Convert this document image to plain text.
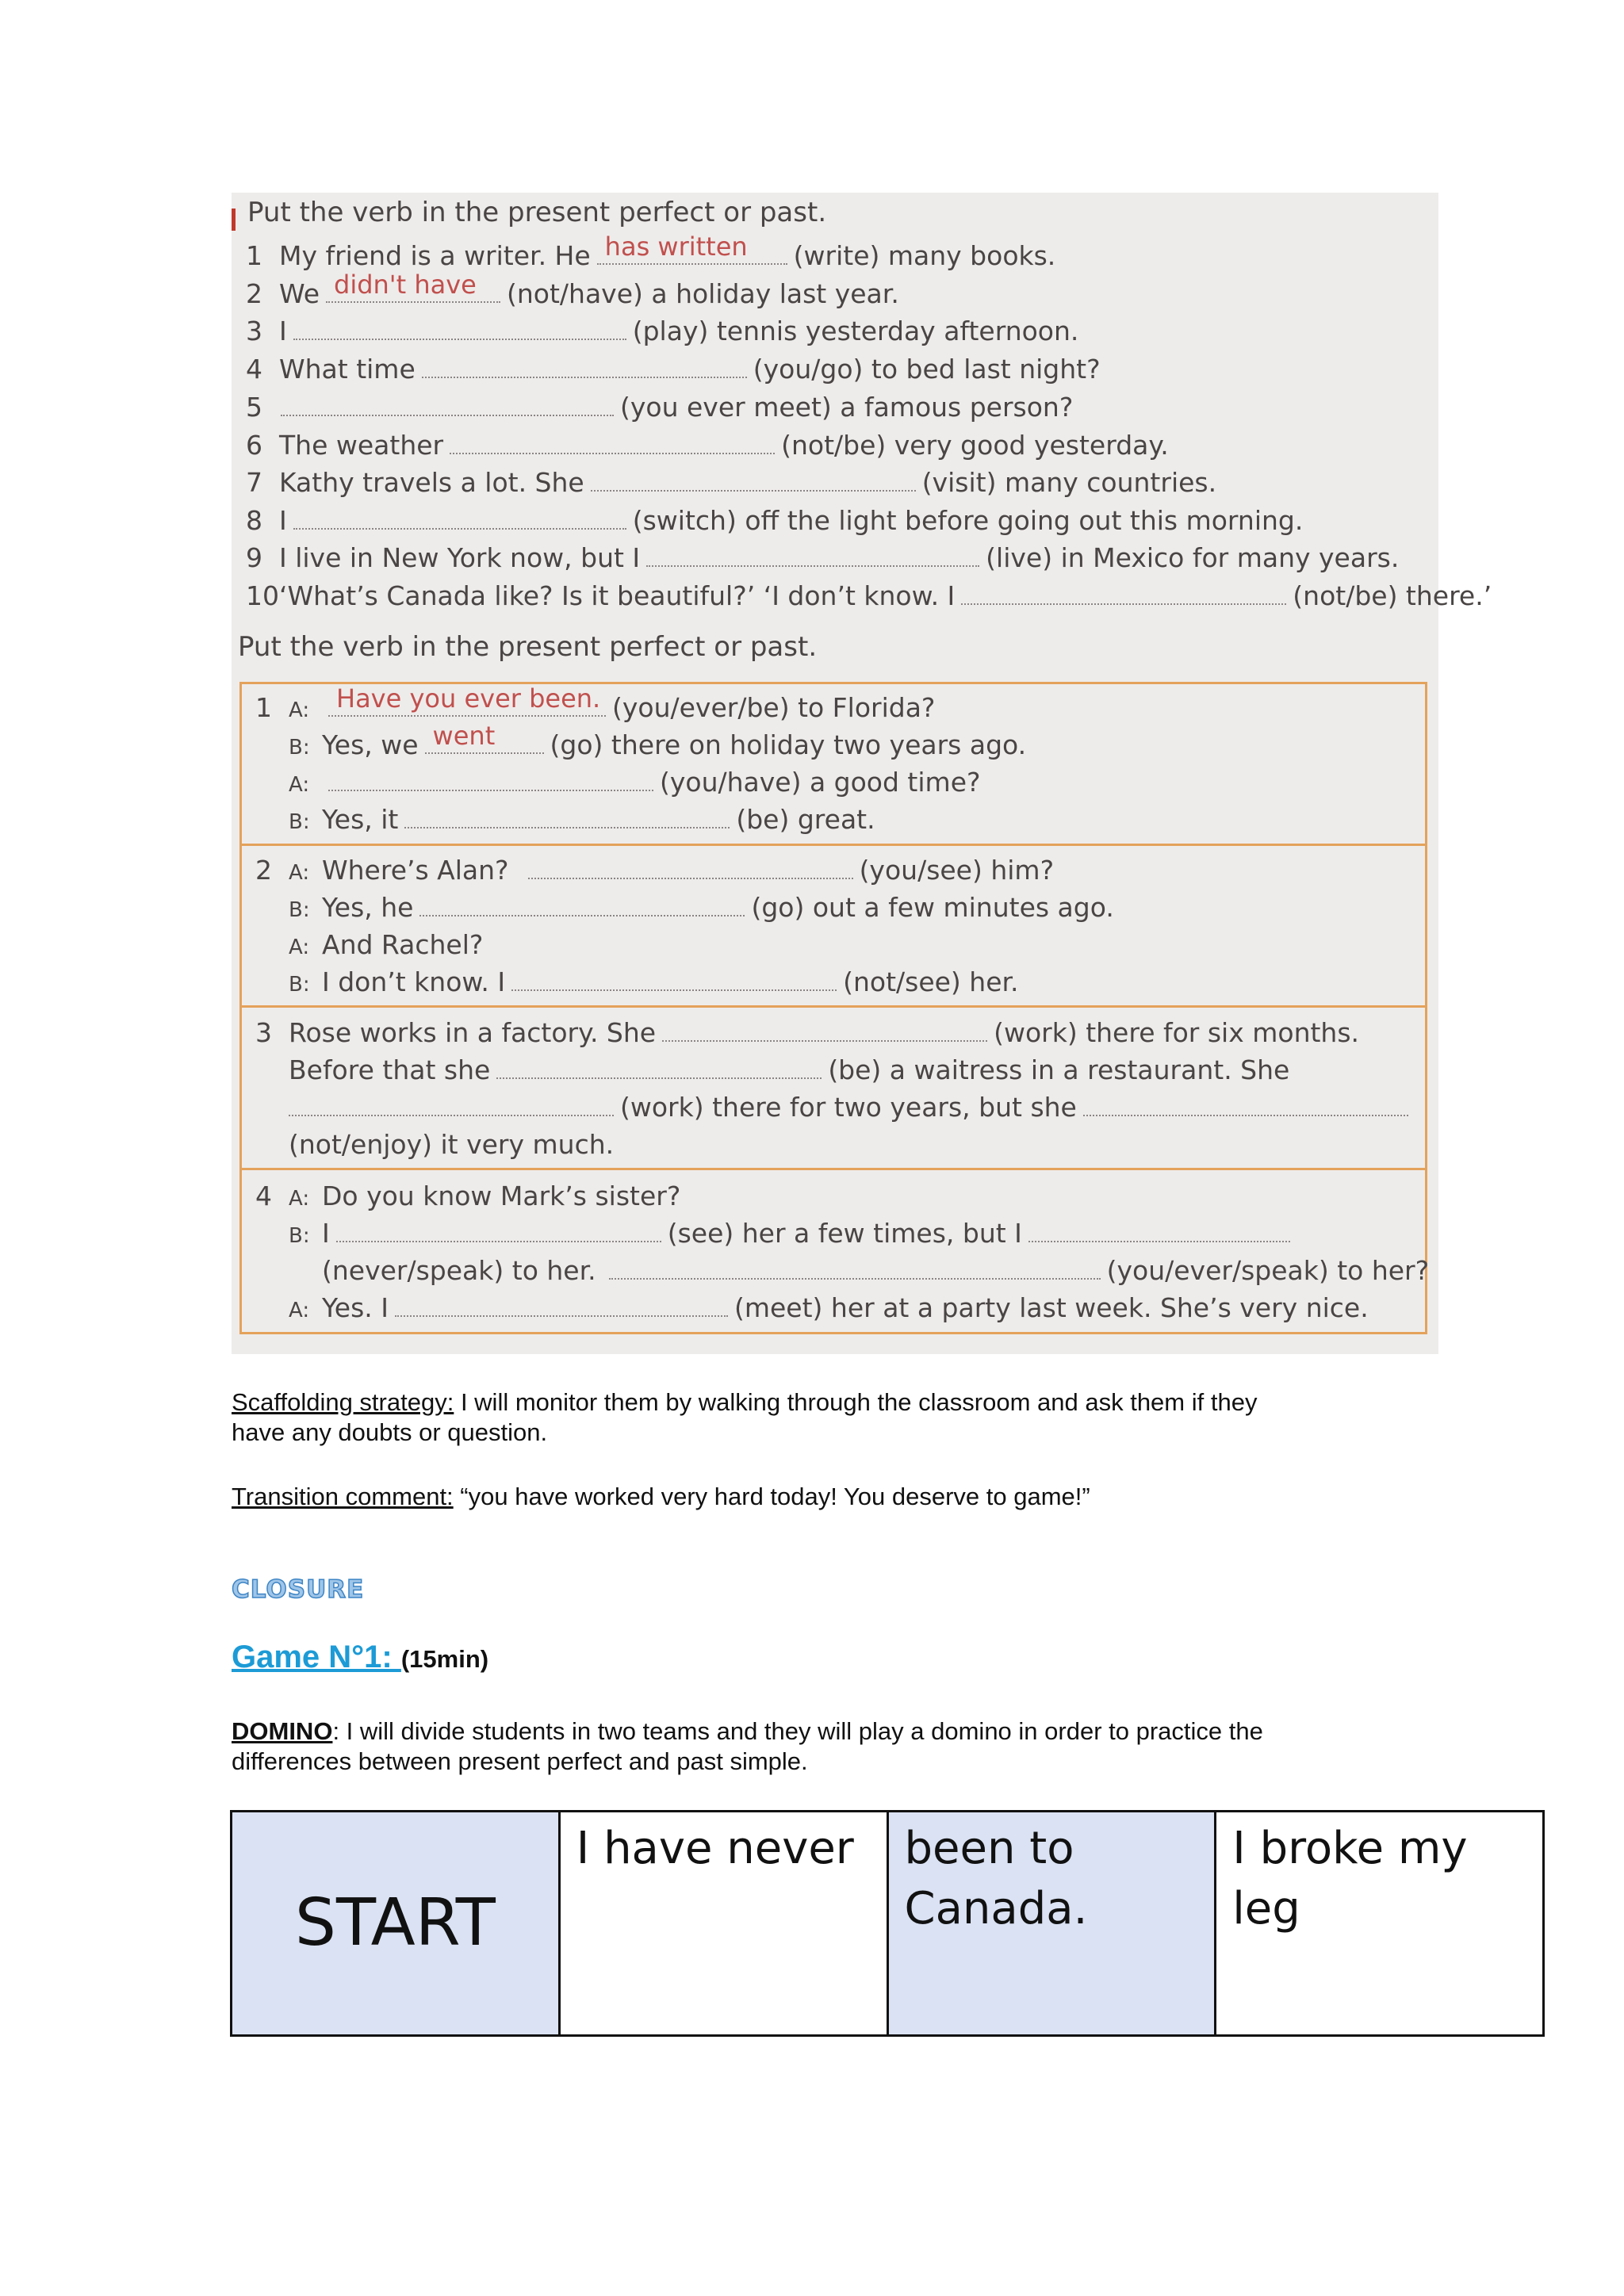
Put the verb in the present perfect or past.
1 My friend is a writer. He has written (write) many books.
2 We didn't have (not/have) a holiday last year.
3 I	(play) tennis yesterday afternoon.
4 What time	(you/go) to bed last night?
5	(you ever meet) a famous person?
6 The weather	(not/be) very good yesterday.
7 Kathy travels a lot. She	(visit) many countries.
8 I	(switch) off the light before going out this morning.
9 I live in New York now, but I	(live) in Mexico for many years.
10 ‘What’s Canada like? Is it beautiful?’ ‘I don’t know. I	(not/be) there.’
Put the verb in the present perfect or past.
1 A:	Have you ever been. (you/ever/be) to Florida?
B: Yes, we went (go) there on holiday two years ago.
A:	(you/have) a good time?
B: Yes, it	(be) great.
2 A: Where’s Alan?	(you/see) him?
B: Yes, he	(go) out a few minutes ago.
A: And Rachel?
B: I don’t know. I	(not/see) her.
3 Rose works in a factory. She	(work) there for six months.
Before that she	(be) a waitress in a restaurant. She
(work) there for two years, but she
(not/enjoy) it very much.
4 A: Do you know Mark’s sister?
B: I	(see) her a few times, but I
(never/speak) to her.	(you/ever/speak) to her?
A: Yes. I	(meet) her at a party last week. She’s very nice.
Scaffolding strategy: I will monitor them by walking through the classroom and ask them if they
have any doubts or question.
Transition comment: “you have worked very hard today! You deserve to game!”
CLOSURE
Game N°1: (15min)
DOMINO: I will divide students in two teams and they will play a domino in order to practice the
differences between present perfect and past simple.
START	I have never	been to Canada.	I broke my leg
